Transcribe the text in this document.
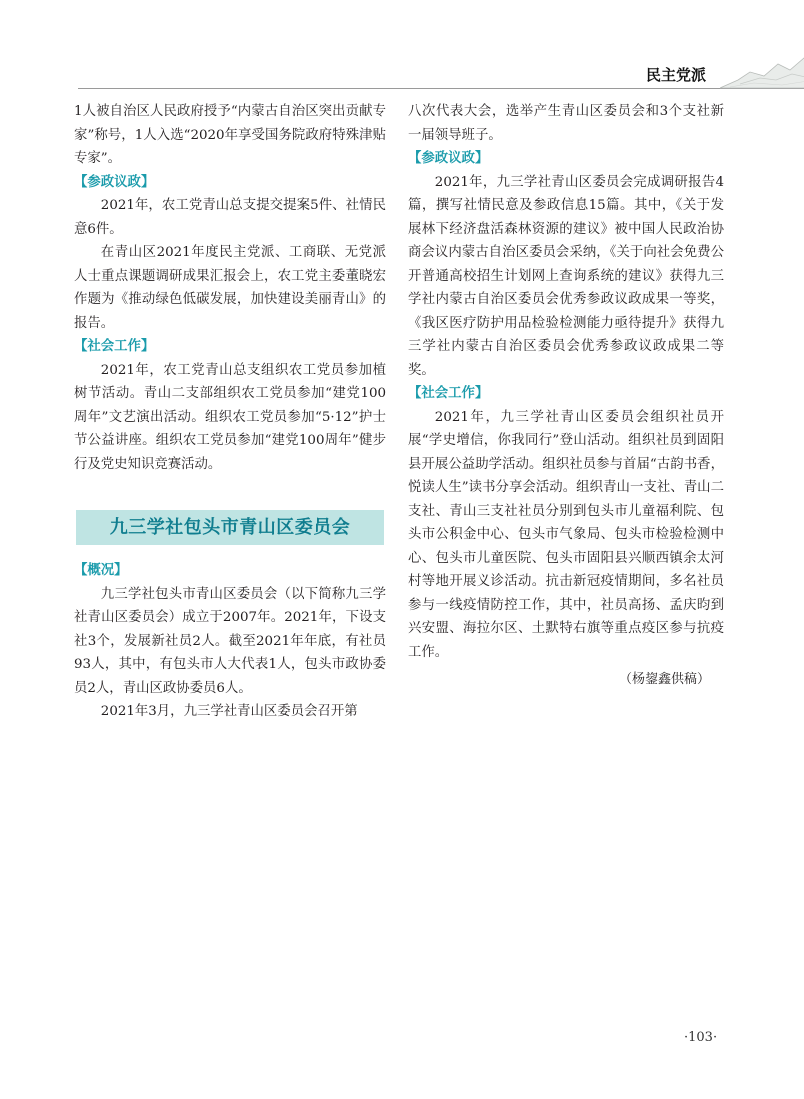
民主党派

1人被自治区人民政府授予“内蒙古自治区突出贡献专家”称号，1人入选“2020年享受国务院政府特殊津贴专家”。

【参政议政】

2021年，农工党青山总支提交提案5件、社情民意6件。

在青山区2021年度民主党派、工商联、无党派人士重点课题调研成果汇报会上，农工党主委董晓宏作题为《推动绿色低碳发展，加快建设美丽青山》的报告。

【社会工作】

2021年，农工党青山总支组织农工党员参加植树节活动。青山二支部组织农工党员参加“建党100周年”文艺演出活动。组织农工党员参加“5·12”护士节公益讲座。组织农工党员参加“建党100周年”健步行及党史知识竞赛活动。

九三学社包头市青山区委员会

【概况】

九三学社包头市青山区委员会（以下简称九三学社青山区委员会）成立于2007年。2021年，下设支社3个，发展新社员2人。截至2021年年底，有社员93人，其中，有包头市人大代表1人，包头市政协委员2人，青山区政协委员6人。

2021年3月，九三学社青山区委员会召开第

八次代表大会，选举产生青山区委员会和3个支社新一届领导班子。

【参政议政】

2021年，九三学社青山区委员会完成调研报告4篇，撰写社情民意及参政信息15篇。其中，《关于发展林下经济盘活森林资源的建议》被中国人民政治协商会议内蒙古自治区委员会采纳，《关于向社会免费公开普通高校招生计划网上查询系统的建议》获得九三学社内蒙古自治区委员会优秀参政议政成果一等奖，《我区医疗防护用品检验检测能力亟待提升》获得九三学社内蒙古自治区委员会优秀参政议政成果二等奖。

【社会工作】

2021年，九三学社青山区委员会组织社员开展“学史增信，你我同行”登山活动。组织社员到固阳县开展公益助学活动。组织社员参与首届“古韵书香，悦读人生”读书分享会活动。组织青山一支社、青山二支社、青山三支社社员分别到包头市儿童福利院、包头市公积金中心、包头市气象局、包头市检验检测中心、包头市儿童医院、包头市固阳县兴顺西镇余太河村等地开展义诊活动。抗击新冠疫情期间，多名社员参与一线疫情防控工作，其中，社员高扬、孟庆昀到兴安盟、海拉尔区、土默特右旗等重点疫区参与抗疫工作。

（杨鋆鑫供稿）

·103·
